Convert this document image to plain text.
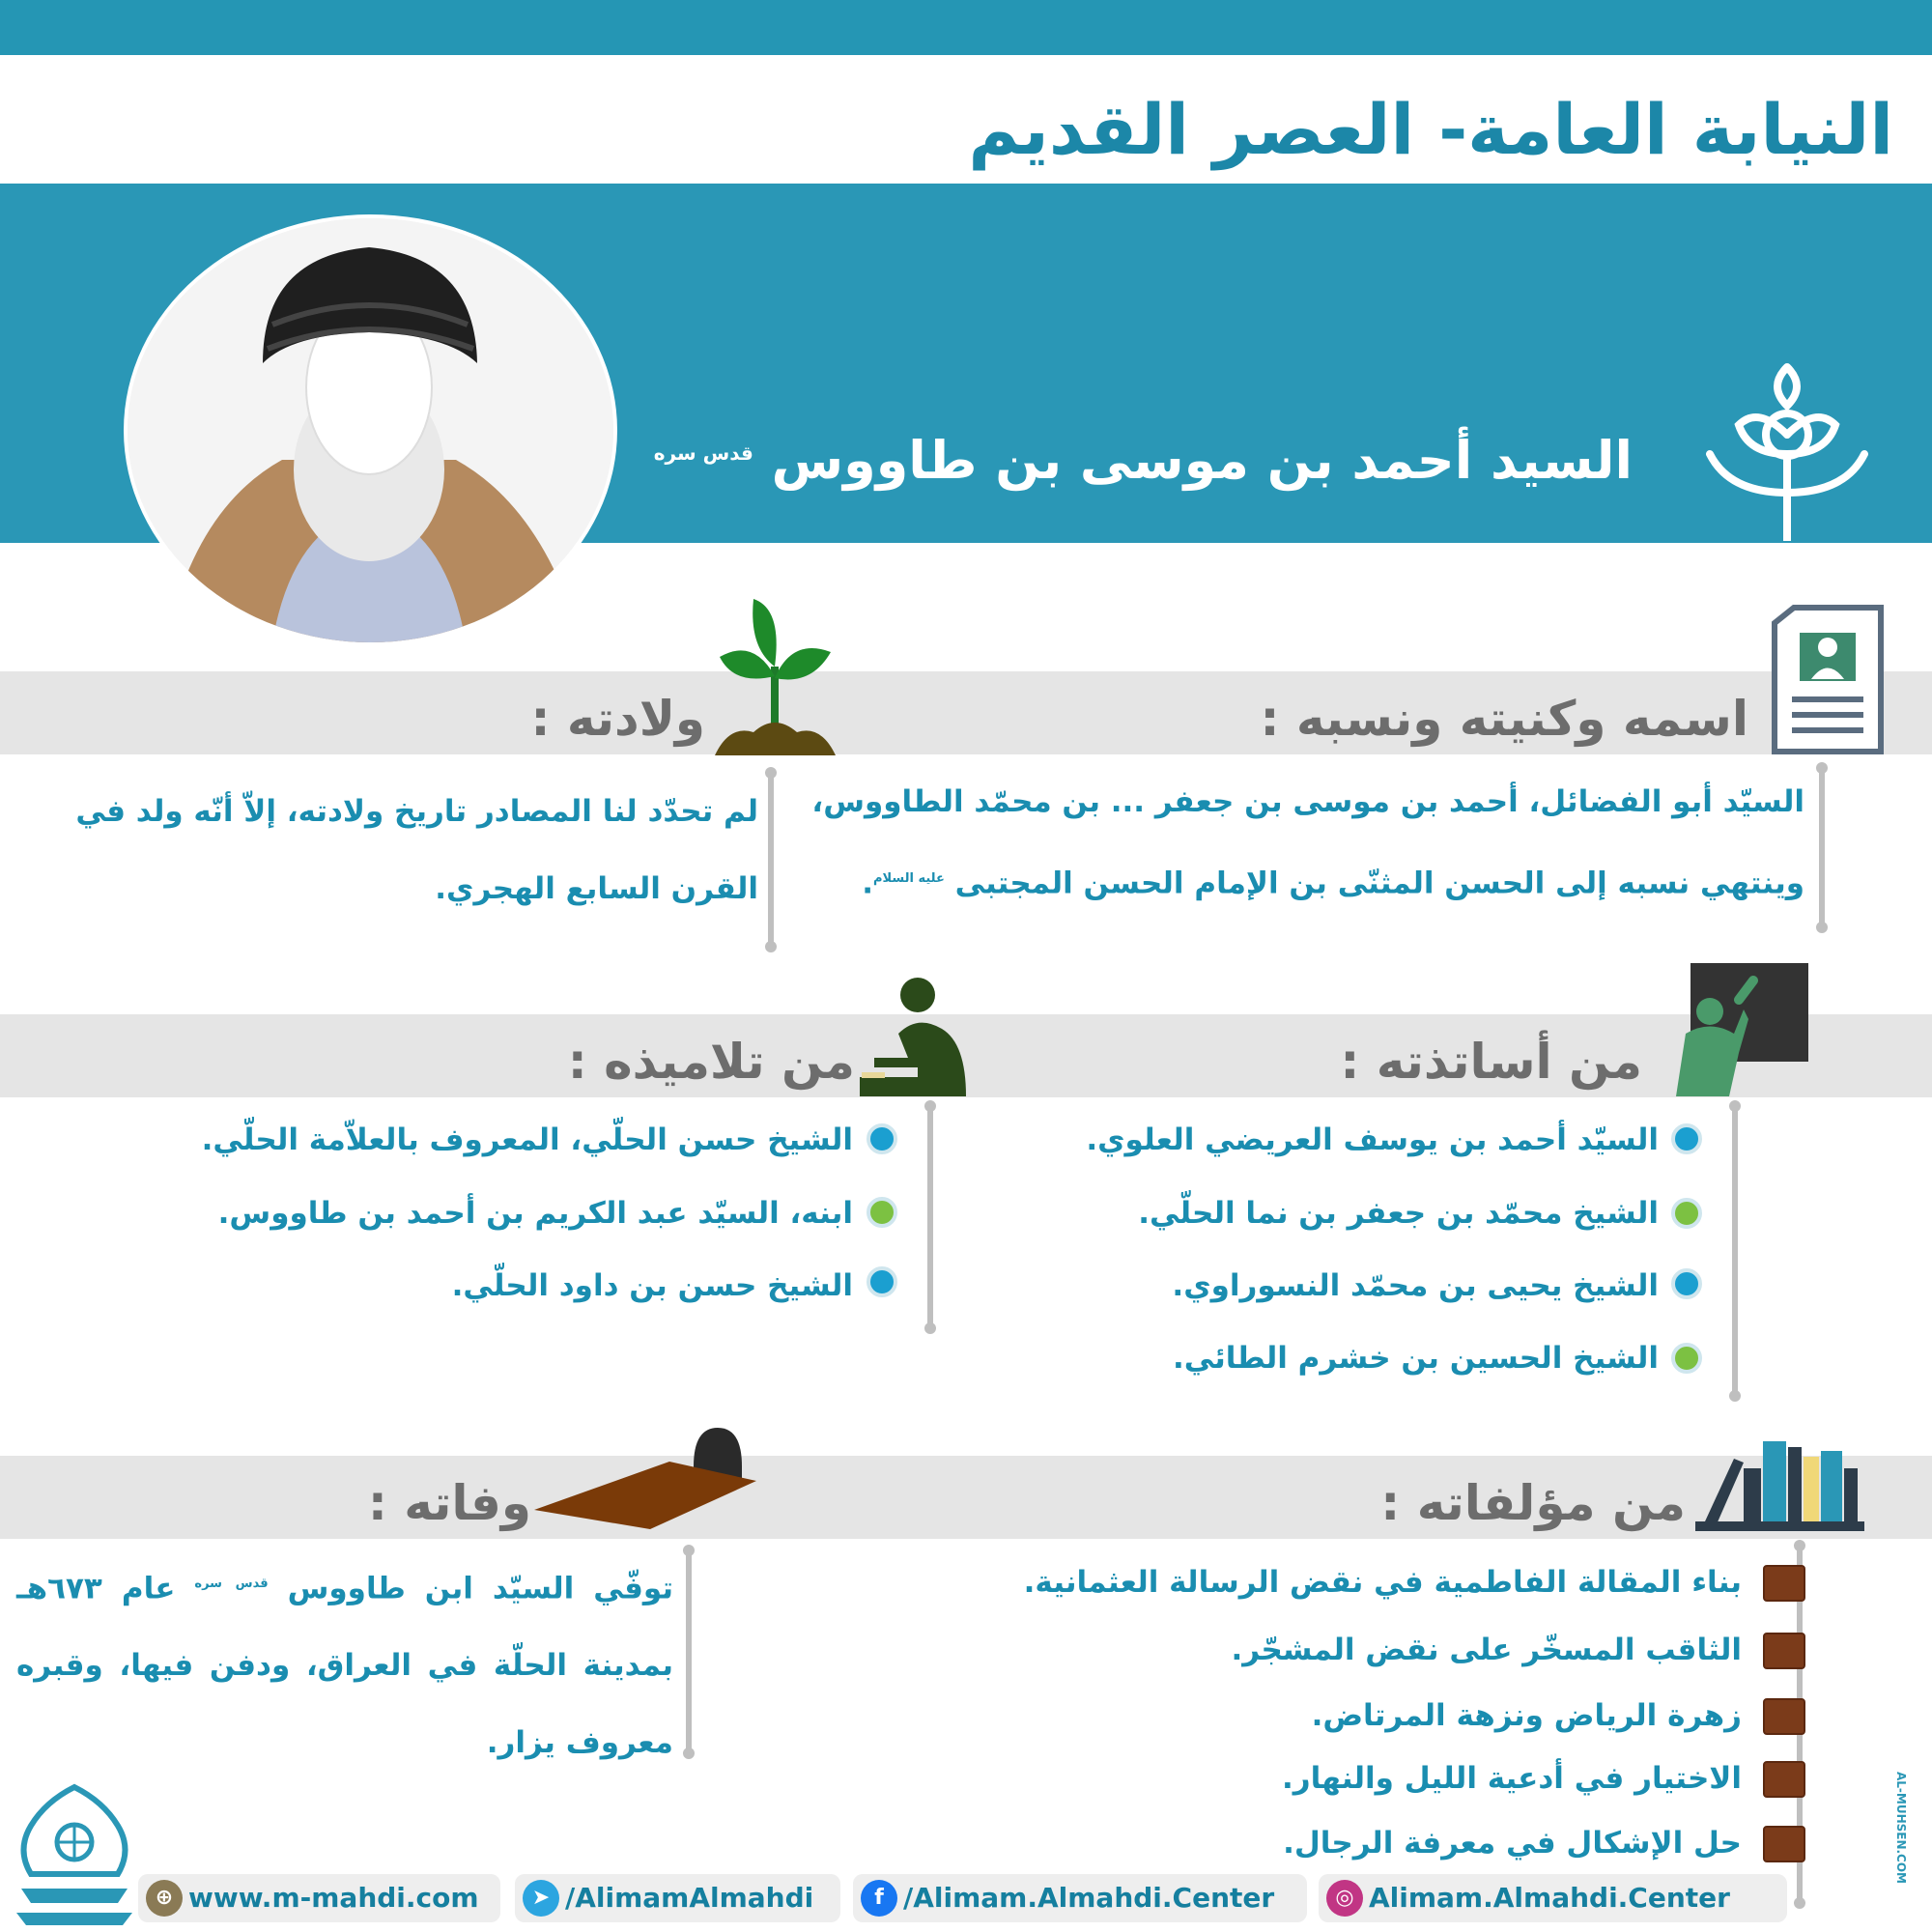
النيابة العامة- العصر القديم
السيد أحمد بن موسى بن طاووس $^{قدس سره}$
اسمه وكنيته ونسبه :
ولادته :
السيّد أبو الفضائل، أحمد بن موسى بن جعفر ... بن محمّد الطاووس، وينتهي نسبه إلى الحسن المثنّى بن الإمام الحسن المجتبى $^{عليه السلام}$.
لم تحدّد لنا المصادر تاريخ ولادته، إلاّ أنّه ولد في القرن السابع الهجري.
من أساتذته :
من تلاميذه :
السيّد أحمد بن يوسف العريضي العلوي.
الشيخ محمّد بن جعفر بن نما الحلّي.
الشيخ يحيى بن محمّد النسوراوي.
الشيخ الحسين بن خشرم الطائي.
الشيخ حسن الحلّي، المعروف بالعلاّمة الحلّي.
ابنه، السيّد عبد الكريم بن أحمد بن طاووس.
الشيخ حسن بن داود الحلّي.
من مؤلفاته :
وفاته :
بناء المقالة الفاطمية في نقض الرسالة العثمانية.
الثاقب المسخّر على نقض المشجّر.
زهرة الرياض ونزهة المرتاض.
الاختيار في أدعية الليل والنهار.
حل الإشكال في معرفة الرجال.
توفّي السيّد ابن طاووس $^{قدس سره}$ عام ٦٧٣هـ بمدينة الحلّة في العراق، ودفن فيها، وقبره معروف يزار.
AL-MUHSEN.COM
◎ Alimam.Almahdi.Center
f /Alimam.Almahdi.Center
➤ /AlimamAlmahdi
⊕ www.m-mahdi.com
